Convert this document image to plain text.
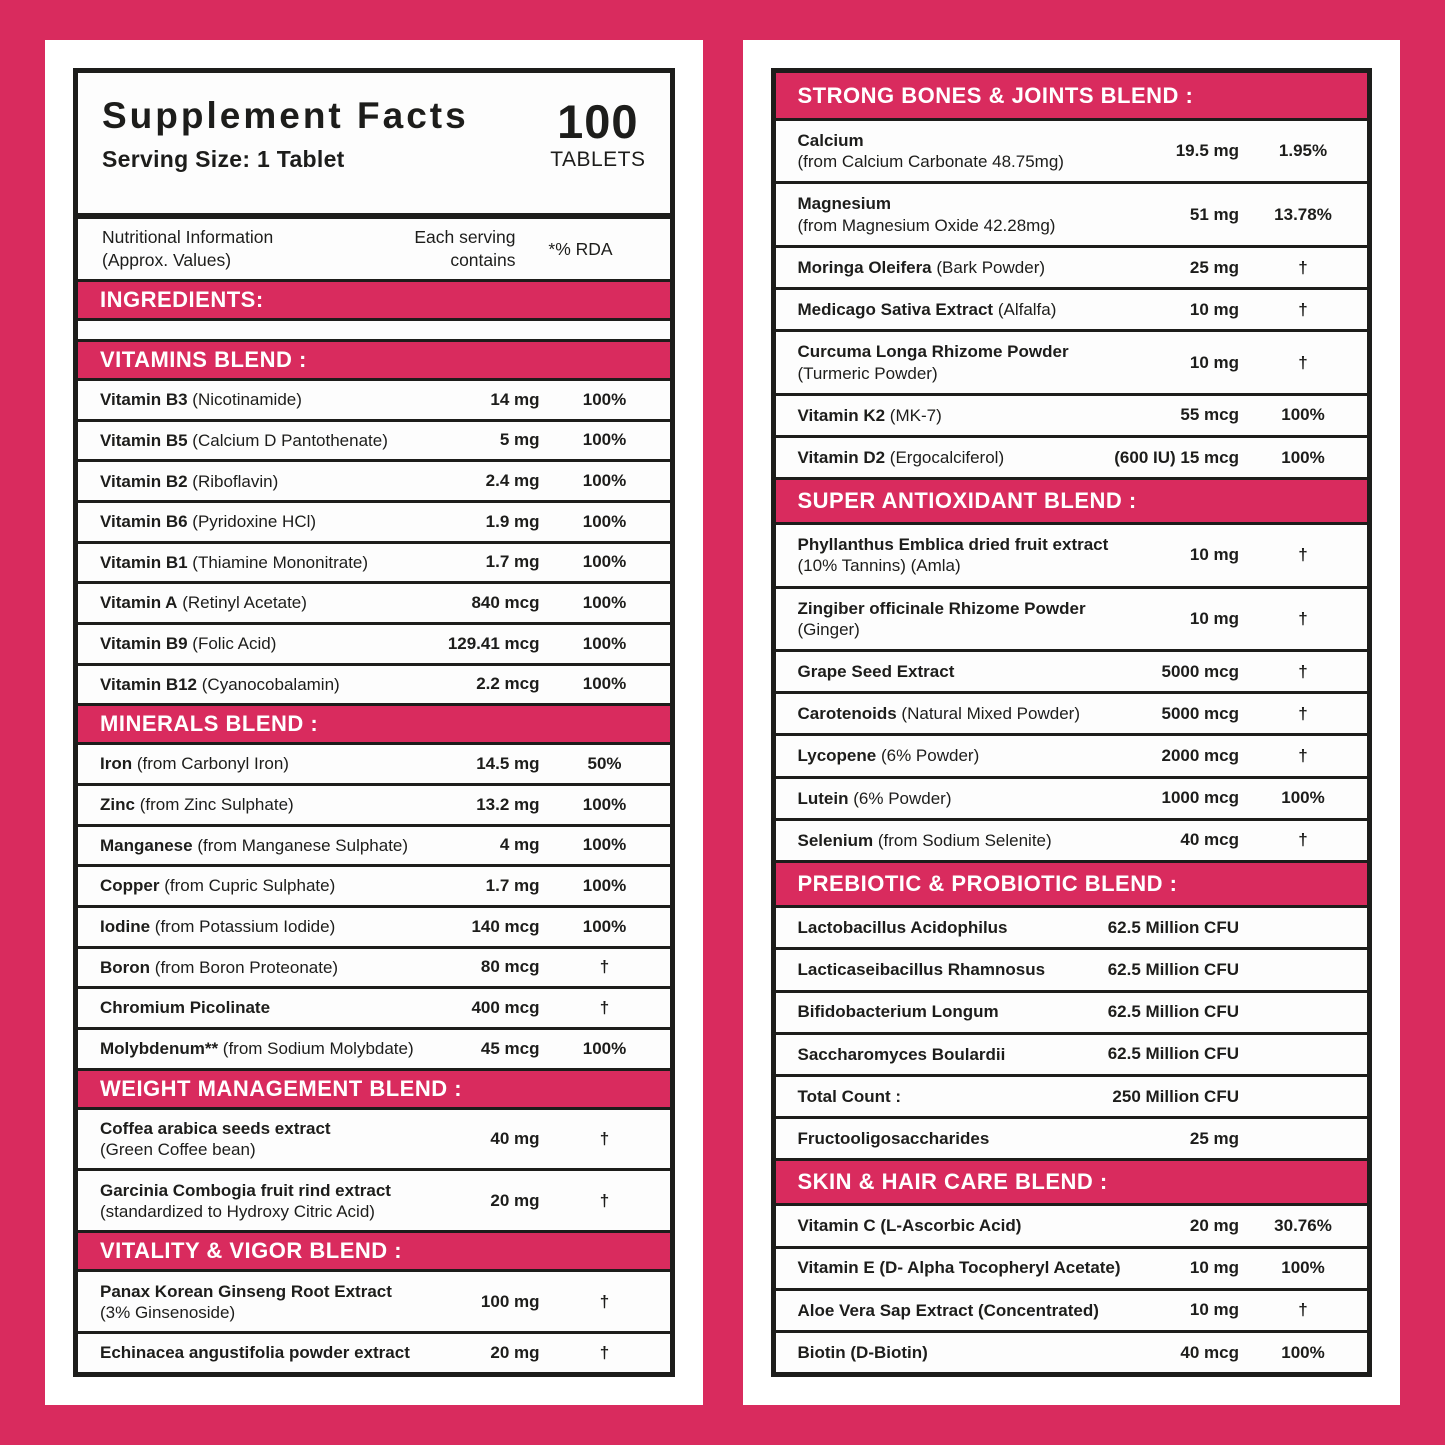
Supplement Facts
Serving Size: 1 Tablet
100
TABLETS
Nutritional Information
(Approx. Values)
Each serving
contains
*% RDA
INGREDIENTS:
VITAMINS BLEND :
Vitamin B3 (Nicotinamide)	14 mg	100%
Vitamin B5 (Calcium D Pantothenate)	5 mg	100%
Vitamin B2 (Riboflavin)	2.4 mg	100%
Vitamin B6 (Pyridoxine HCl)	1.9 mg	100%
Vitamin B1 (Thiamine Mononitrate)	1.7 mg	100%
Vitamin A (Retinyl Acetate)	840 mcg	100%
Vitamin B9 (Folic Acid)	129.41 mcg	100%
Vitamin B12 (Cyanocobalamin)	2.2 mcg	100%
MINERALS BLEND :
Iron (from Carbonyl Iron)	14.5 mg	50%
Zinc (from Zinc Sulphate)	13.2 mg	100%
Manganese (from Manganese Sulphate)	4 mg	100%
Copper (from Cupric Sulphate)	1.7 mg	100%
Iodine (from Potassium Iodide)	140 mcg	100%
Boron (from Boron Proteonate)	80 mcg	†
Chromium Picolinate	400 mcg	†
Molybdenum** (from Sodium Molybdate)	45 mcg	100%
WEIGHT MANAGEMENT BLEND :
Coffea arabica seeds extract
(Green Coffee bean)
40 mg	†
Garcinia Combogia fruit rind extract
(standardized to Hydroxy Citric Acid)
20 mg	†
VITALITY & VIGOR BLEND :
Panax Korean Ginseng Root Extract
(3% Ginsenoside)
100 mg	†
Echinacea angustifolia powder extract	20 mg	†
STRONG BONES & JOINTS BLEND :
Calcium
(from Calcium Carbonate 48.75mg)
19.5 mg	1.95%
Magnesium
(from Magnesium Oxide 42.28mg)
51 mg	13.78%
Moringa Oleifera (Bark Powder)	25 mg	†
Medicago Sativa Extract (Alfalfa)	10 mg	†
Curcuma Longa Rhizome Powder
(Turmeric Powder)
10 mg	†
Vitamin K2 (MK-7)	55 mcg	100%
Vitamin D2 (Ergocalciferol)	(600 IU) 15 mcg	100%
SUPER ANTIOXIDANT BLEND :
Phyllanthus Emblica dried fruit extract
(10% Tannins) (Amla)
10 mg	†
Zingiber officinale Rhizome Powder
(Ginger)
10 mg	†
Grape Seed Extract	5000 mcg	†
Carotenoids (Natural Mixed Powder)	5000 mcg	†
Lycopene (6% Powder)	2000 mcg	†
Lutein (6% Powder)	1000 mcg	100%
Selenium (from Sodium Selenite)	40 mcg	†
PREBIOTIC & PROBIOTIC BLEND :
Lactobacillus Acidophilus	62.5 Million CFU
Lacticaseibacillus Rhamnosus	62.5 Million CFU
Bifidobacterium Longum	62.5 Million CFU
Saccharomyces Boulardii	62.5 Million CFU
Total Count :	250 Million CFU
Fructooligosaccharides	25 mg
SKIN & HAIR CARE BLEND :
Vitamin C (L-Ascorbic Acid)	20 mg	30.76%
Vitamin E (D- Alpha Tocopheryl Acetate)	10 mg	100%
Aloe Vera Sap Extract (Concentrated)	10 mg	†
Biotin (D-Biotin)	40 mcg	100%
